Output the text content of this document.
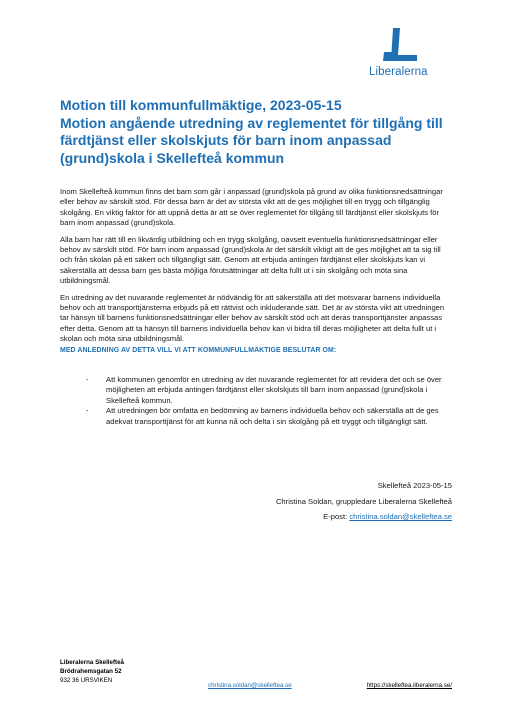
Liberalerna
Motion till kommunfullmäktige, 2023-05-15
Motion angående utredning av reglementet för tillgång till
färdtjänst eller skolskjuts för barn inom anpassad
(grund)skola i Skellefteå kommun

Inom Skellefteå kommun finns det barn som går i anpassad (grund)skola på grund av olika funktionsnedsättningar eller behov av särskilt stöd. För dessa barn är det av största vikt att de ges möjlighet till en trygg och tillgänglig skolgång. En viktig faktor för att uppnå detta är att se över reglementet för tillgång till färdtjänst eller skolskjuts för barn inom anpassad (grund)skola.

Alla barn har rätt till en likvärdig utbildning och en trygg skolgång, oavsett eventuella funktionsnedsättningar eller behov av särskilt stöd. För barn inom anpassad (grund)skola är det särskilt viktigt att de ges möjlighet att ta sig till och från skolan på ett säkert och tillgängligt sätt. Genom att erbjuda antingen färdtjänst eller skolskjuts kan vi säkerställa att dessa barn ges bästa möjliga förutsättningar att delta fullt ut i sin skolgång och möta sina utbildningsmål.

En utredning av det nuvarande reglementet är nödvändig för att säkerställa att det motsvarar barnens individuella behov och att transporttjänsterna erbjuds på ett rättvist och inkluderande sätt. Det är av största vikt att utredningen tar hänsyn till barnens funktionsnedsättningar eller behov av särskilt stöd och att deras transporttjänster anpassas efter detta. Genom att ta hänsyn till barnens individuella behov kan vi bidra till deras möjligheter att delta fullt ut i skolan och möta sina utbildningsmål.

MED ANLEDNING AV DETTA VILL VI ATT KOMMUNFULLMÄKTIGE BESLUTAR OM:
- Att kommunen genomför en utredning av det nuvarande reglementet för att revidera det och se över möjligheten att erbjuda antingen färdtjänst eller skolskjuts till barn inom anpassad (grund)skola i Skellefteå kommun.
- Att utredningen bör omfatta en bedömning av barnens individuella behov och säkerställa att de ges adekvat transporttjänst för att kunna nå och delta i sin skolgång på ett tryggt och tillgängligt sätt.
Skellefteå 2023-05-15
Christina Soldan, gruppledare Liberalerna Skellefteå
E-post: christina.soldan@skelleftea.se
Liberalerna Skellefteå
Brödrahemsgatan 52
932 36 URSVIKEN
christina.soldan@skelleftea.se	https://skelleftea.liberalerna.se/
